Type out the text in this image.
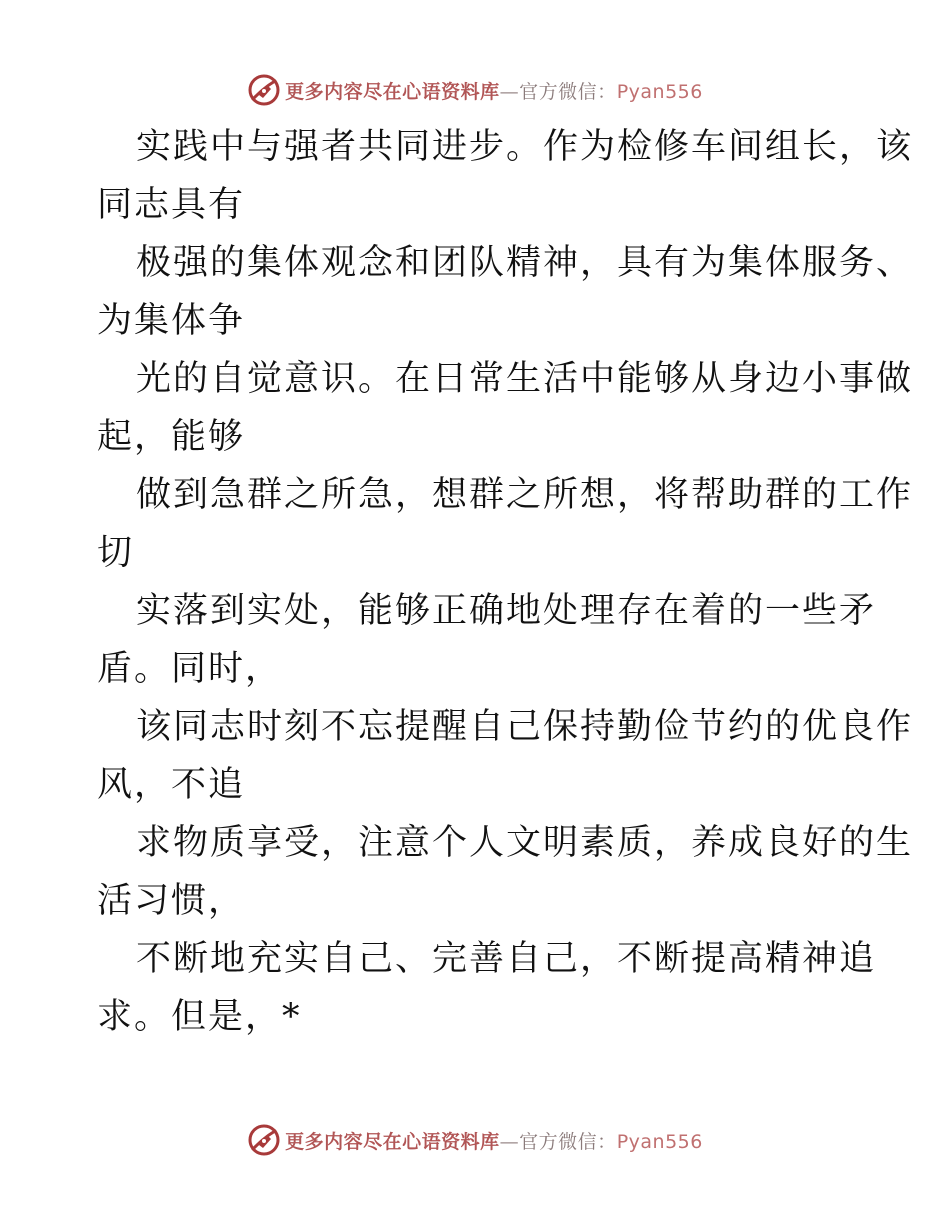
更多内容尽在心语资料库—官方微信：Pyan556
实践中与强者共同进步。作为检修车间组长，该
同志具有
极强的集体观念和团队精神，具有为集体服务、
为集体争
光的自觉意识。在日常生活中能够从身边小事做
起，能够
做到急群之所急，想群之所想，将帮助群的工作
切
实落到实处，能够正确地处理存在着的一些矛
盾。同时，
该同志时刻不忘提醒自己保持勤俭节约的优良作
风，不追
求物质享受，注意个人文明素质，养成良好的生
活习惯，
不断地充实自己、完善自己，不断提高精神追
求。但是，*
更多内容尽在心语资料库—官方微信：Pyan556
